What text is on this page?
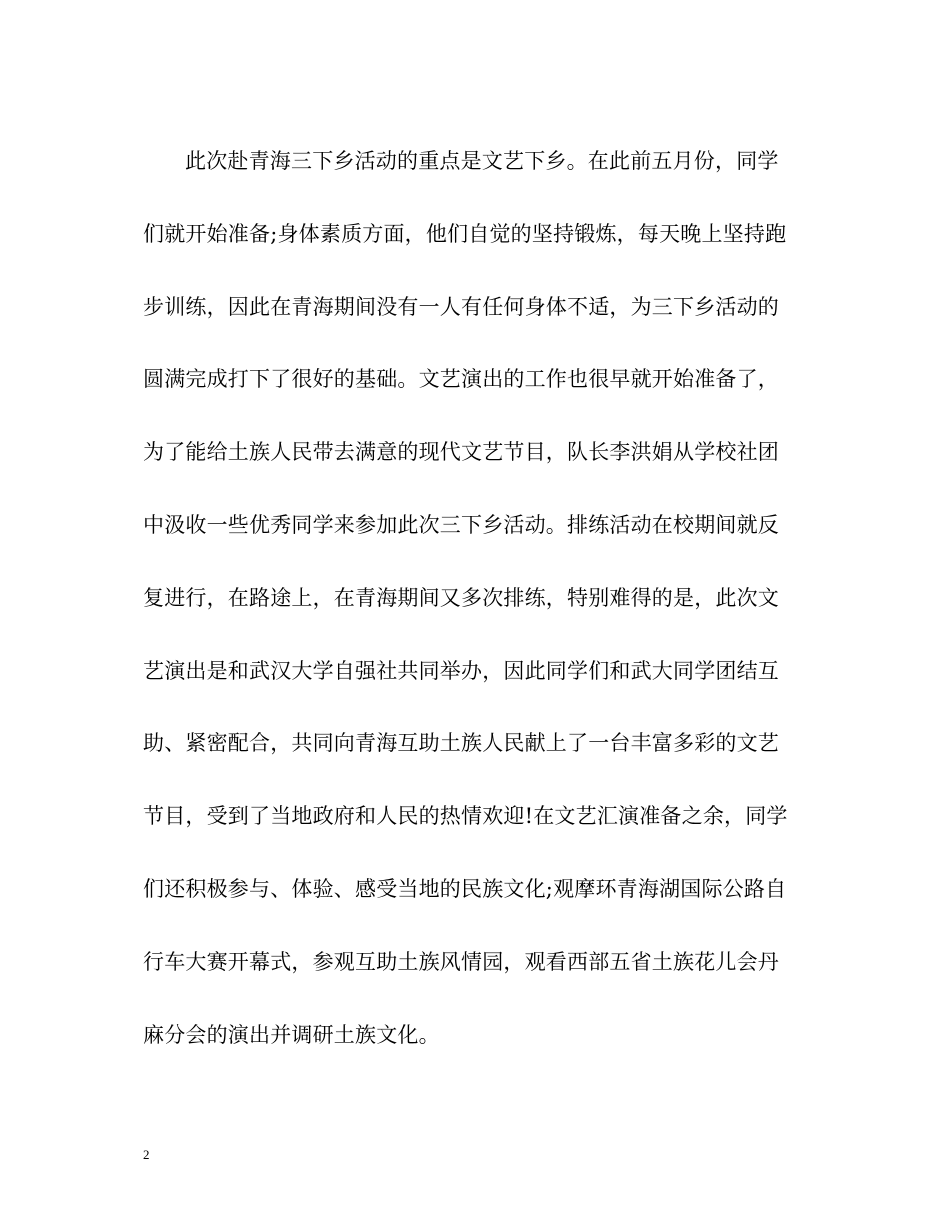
此次赴青海三下乡活动的重点是文艺下乡。在此前五月份，同学
们就开始准备;身体素质方面，他们自觉的坚持锻炼，每天晚上坚持跑
步训练，因此在青海期间没有一人有任何身体不适，为三下乡活动的
圆满完成打下了很好的基础。文艺演出的工作也很早就开始准备了，
为了能给土族人民带去满意的现代文艺节目，队长李洪娟从学校社团
中汲收一些优秀同学来参加此次三下乡活动。排练活动在校期间就反
复进行，在路途上，在青海期间又多次排练，特别难得的是，此次文
艺演出是和武汉大学自强社共同举办，因此同学们和武大同学团结互
助、紧密配合，共同向青海互助土族人民献上了一台丰富多彩的文艺
节目，受到了当地政府和人民的热情欢迎!在文艺汇演准备之余，同学
们还积极参与、体验、感受当地的民族文化;观摩环青海湖国际公路自
行车大赛开幕式，参观互助土族风情园，观看西部五省土族花儿会丹
麻分会的演出并调研土族文化。
2
